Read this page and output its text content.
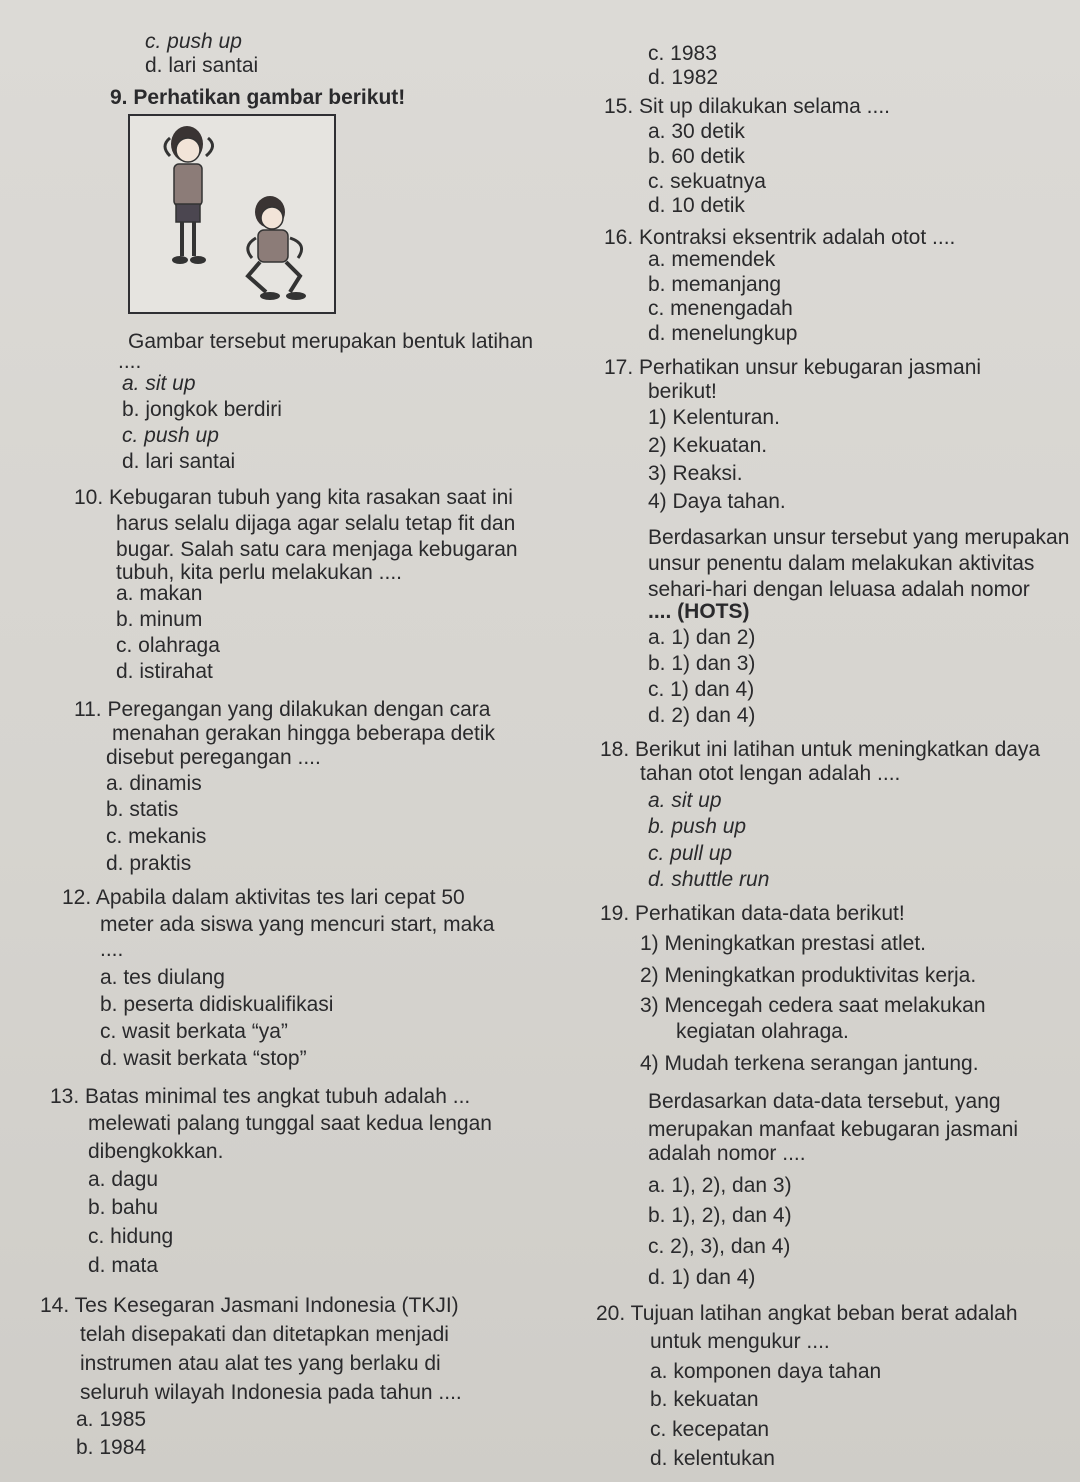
c. push up
d. lari santai
9. Perhatikan gambar berikut!
Gambar tersebut merupakan bentuk latihan
....
a. sit up
b. jongkok berdiri
c. push up
d. lari santai
10. Kebugaran tubuh yang kita rasakan saat ini
harus selalu dijaga agar selalu tetap fit dan
bugar. Salah satu cara menjaga kebugaran
tubuh, kita perlu melakukan ....
a. makan
b. minum
c. olahraga
d. istirahat
11. Peregangan yang dilakukan dengan cara
menahan gerakan hingga beberapa detik
disebut peregangan ....
a. dinamis
b. statis
c. mekanis
d. praktis
12. Apabila dalam aktivitas tes lari cepat 50
meter ada siswa yang mencuri start, maka
....
a. tes diulang
b. peserta didiskualifikasi
c. wasit berkata “ya”
d. wasit berkata “stop”
13. Batas minimal tes angkat tubuh adalah ...
melewati palang tunggal saat kedua lengan
dibengkokkan.
a. dagu
b. bahu
c. hidung
d. mata
14. Tes Kesegaran Jasmani Indonesia (TKJI)
telah disepakati dan ditetapkan menjadi
instrumen atau alat tes yang berlaku di
seluruh wilayah Indonesia pada tahun ....
a. 1985
b. 1984
c. 1983
d. 1982
15. Sit up dilakukan selama ....
a. 30 detik
b. 60 detik
c. sekuatnya
d. 10 detik
16. Kontraksi eksentrik adalah otot ....
a. memendek
b. memanjang
c. menengadah
d. menelungkup
17. Perhatikan unsur kebugaran jasmani
berikut!
1) Kelenturan.
2) Kekuatan.
3) Reaksi.
4) Daya tahan.
Berdasarkan unsur tersebut yang merupakan
unsur penentu dalam melakukan aktivitas
sehari-hari dengan leluasa adalah nomor
.... (HOTS)
a. 1) dan 2)
b. 1) dan 3)
c. 1) dan 4)
d. 2) dan 4)
18. Berikut ini latihan untuk meningkatkan daya
tahan otot lengan adalah ....
a. sit up
b. push up
c. pull up
d. shuttle run
19. Perhatikan data-data berikut!
1) Meningkatkan prestasi atlet.
2) Meningkatkan produktivitas kerja.
3) Mencegah cedera saat melakukan
kegiatan olahraga.
4) Mudah terkena serangan jantung.
Berdasarkan data-data tersebut, yang
merupakan manfaat kebugaran jasmani
adalah nomor ....
a. 1), 2), dan 3)
b. 1), 2), dan 4)
c. 2), 3), dan 4)
d. 1) dan 4)
20. Tujuan latihan angkat beban berat adalah
untuk mengukur ....
a. komponen daya tahan
b. kekuatan
c. kecepatan
d. kelentukan
